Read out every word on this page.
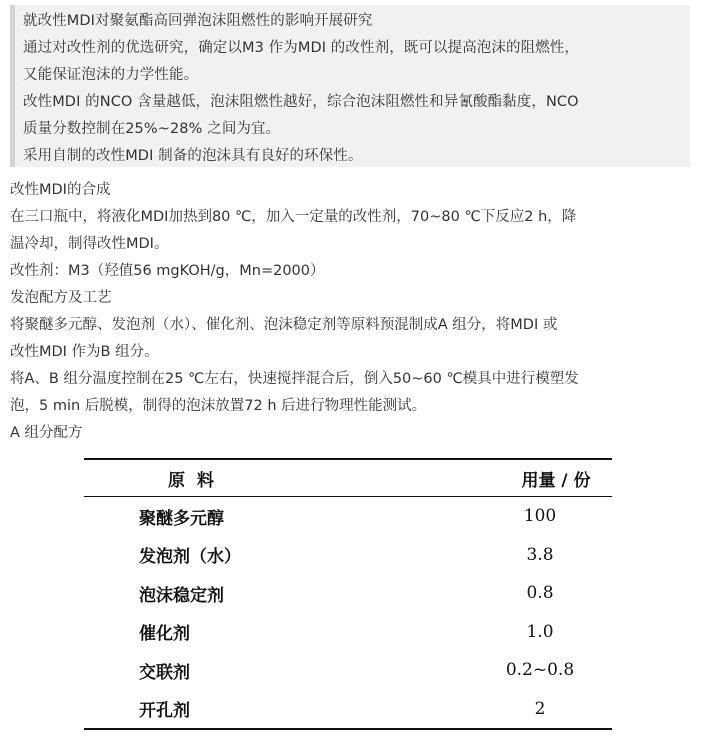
就改性MDI对聚氨酯高回弹泡沫阻燃性的影响开展研究
通过对改性剂的优选研究，确定以M3 作为MDI 的改性剂，既可以提高泡沫的阻燃性，
又能保证泡沫的力学性能。
改性MDI 的NCO 含量越低，泡沫阻燃性越好，综合泡沫阻燃性和异氰酸酯黏度，NCO
质量分数控制在25%~28% 之间为宜。
采用自制的改性MDI 制备的泡沫具有良好的环保性。
改性MDI的合成
在三口瓶中，将液化MDI加热到80 ℃，加入一定量的改性剂，70~80 ℃下反应2 h，降
温冷却，制得改性MDI。
改性剂：M3（羟值56 mgKOH/g，Mn=2000）
发泡配方及工艺
将聚醚多元醇、发泡剂（水）、催化剂、泡沫稳定剂等原料预混制成A 组分，将MDI 或
改性MDI 作为B 组分。
将A、B 组分温度控制在25 ℃左右，快速搅拌混合后，倒入50~60 ℃模具中进行模塑发
泡，5 min 后脱模，制得的泡沫放置72 h 后进行物理性能测试。
A 组分配方
原料	用量 / 份
聚醚多元醇	100
发泡剂（水）	3.8
泡沫稳定剂	0.8
催化剂	1.0
交联剂	0.2~0.8
开孔剂	2
